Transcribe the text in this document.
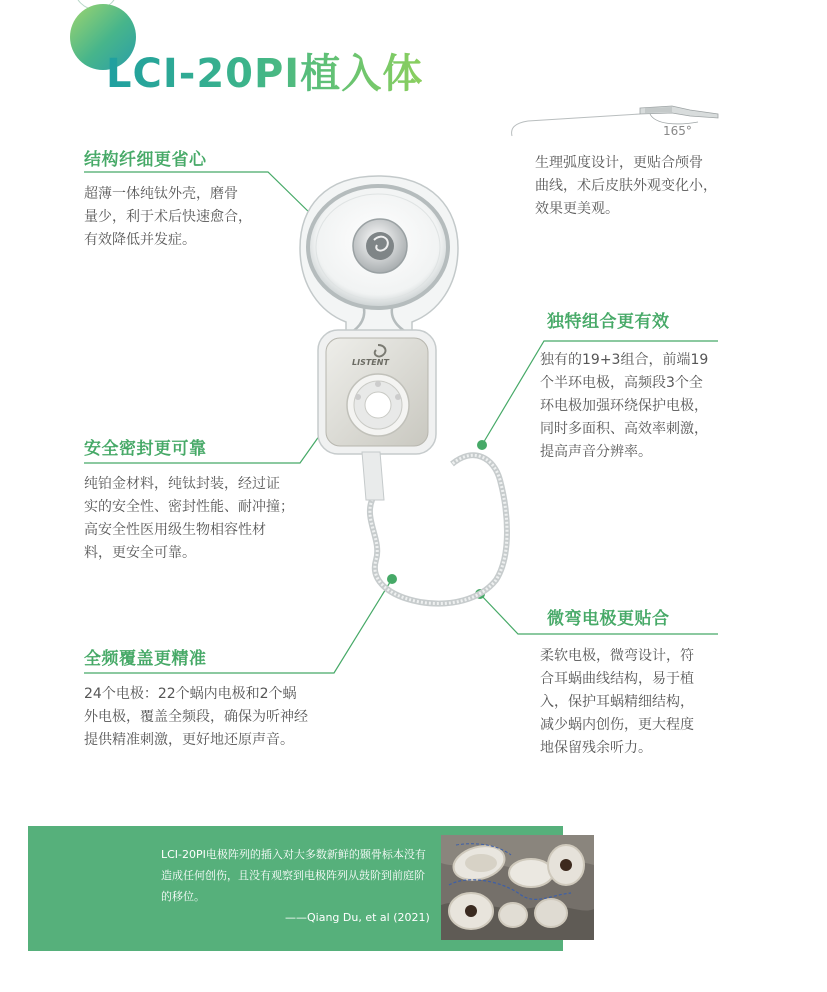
LCI-20PI植入体
生理弧度设计，更贴合颅骨
曲线，术后皮肤外观变化小，
效果更美观。
165°
LISTENT
结构纤细更省心
超薄一体纯钛外壳，磨骨
量少，利于术后快速愈合，
有效降低并发症。
安全密封更可靠
纯铂金材料，纯钛封装，经过证
实的安全性、密封性能、耐冲撞；
高安全性医用级生物相容性材
料，更安全可靠。
全频覆盖更精准
24个电极：22个蜗内电极和2个蜗
外电极，覆盖全频段，确保为听神经
提供精准刺激，更好地还原声音。
独特组合更有效
独有的19+3组合，前端19
个半环电极，高频段3个全
环电极加强环绕保护电极，
同时多面积、高效率刺激，
提高声音分辨率。
微弯电极更贴合
柔软电极，微弯设计，符
合耳蜗曲线结构，易于植
入，保护耳蜗精细结构，
减少蜗内创伤，更大程度
地保留残余听力。
LCI-20PI电极阵列的插入对大多数新鲜的颞骨标本没有造成任何创伤，且没有观察到电极阵列从鼓阶到前庭阶的移位。
——Qiang Du, et al (2021)
